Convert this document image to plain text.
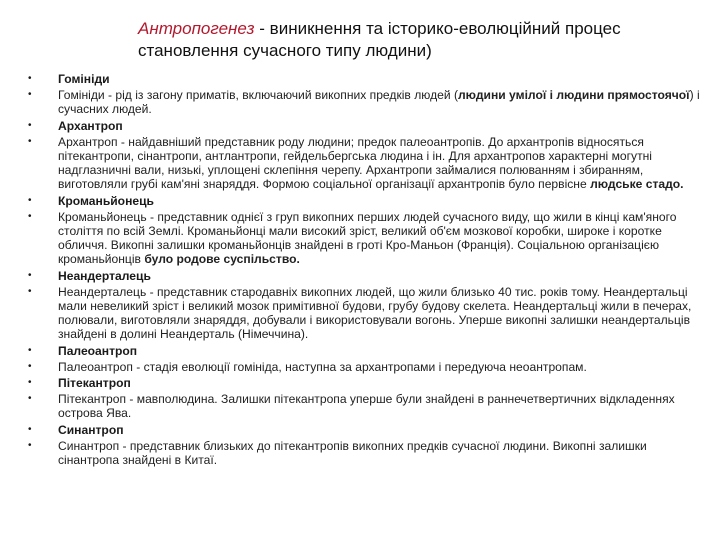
Антропогенез - виникнення та історико-еволюційний процес становлення сучасного типу людини)
•	Гомініди
•	Гомініди - рід із загону приматів, включаючий викопних предків людей (людини умілої і людини прямостоячої) і сучасних людей.
•	Архантроп
•	Архантроп - найдавніший представник роду людини; предок палеоантропів. До архантропів відносяться пітекантропи, сінантропи, антлантропи, гейдельбергська людина і ін. Для архантропов характерні могутні надглазничні вали, низькі, уплощені склепіння черепу. Архантропи займалися полюванням і збиранням, виготовляли грубі кам'яні знаряддя. Формою соціальної організації архантропів було первісне людське стадо.
•	Кроманьйонець
•	Кроманьйонець - представник однієї з груп викопних перших людей сучасного виду, що жили в кінці кам'яного століття по всій Землі. Кроманьйонці мали високий зріст, великий об'єм мозкової коробки, широке і коротке обличчя. Викопні залишки кроманьйонців знайдені в гроті Кро-Маньон (Франція). Соціальною організацією кроманьйонців було родове суспільство.
•	Неандерталець
•	Неандерталець - представник стародавніх викопних людей, що жили близько 40 тис. років тому. Неандертальці мали невеликий зріст і великий мозок примітивної будови, грубу будову скелета. Неандертальці жили в печерах, полювали, виготовляли знаряддя, добували і використовували вогонь. Уперше викопні залишки неандертальців знайдені в долині Неандерталь (Німеччина).
•	Палеоантроп
•	Палеоантроп - стадія еволюції гомініда, наступна за архантропами і передуюча неоантропам.
•	Пітекантроп
•	Пітекантроп - мавполюдина. Залишки пітекантропа уперше були знайдені в раннечетвертичних відкладеннях острова Ява.
•	Синантроп
•	Синантроп - представник близьких до пітекантропів викопних предків сучасної людини. Викопні залишки сінантропа знайдені в Китаї.
